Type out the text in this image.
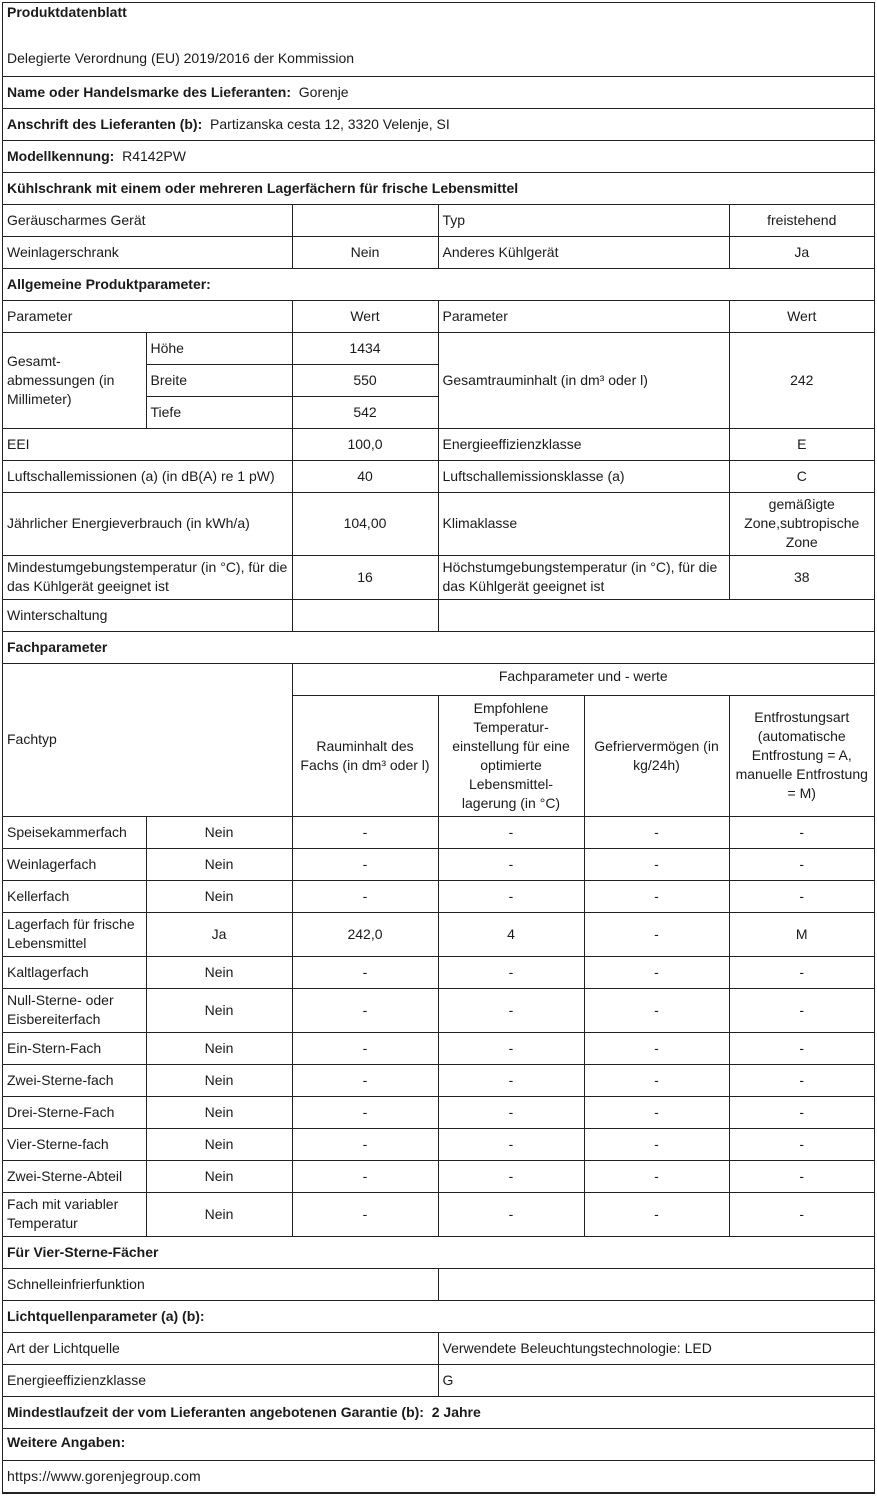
Produktdatenblatt					
Delegierte Verordnung (EU) 2019/2016 der Kommission					
Name oder Handelsmarke des Lieferanten: Gorenje					
Anschrift des Lieferanten (b): Partizanska cesta 12, 3320 Velenje, SI					
Modellkennung: R4142PW					
Kühlschrank mit einem oder mehreren Lagerfächern für frische Lebensmittel					
Geräuscharmes Gerät			Typ		freistehend
Weinlagerschrank		Nein	Anderes Kühlgerät		Ja
Allgemeine Produktparameter:					
Parameter		Wert	Parameter		Wert
Gesamt-abmessungen (in Millimeter)	Höhe	1434	Gesamtrauminhalt (in dm³ oder l)		242
	Breite	550			
	Tiefe	542			
EEI		100,0	Energieeffizienzklasse		E
Luftschallemissionen (a) (in dB(A) re 1 pW)		40	Luftschallemissionsklasse (a)		C
Jährlicher Energieverbrauch (in kWh/a)		104,00	Klimaklasse		gemäßigte Zone,subtropische Zone
Mindestumgebungstemperatur (in °C), für die das Kühlgerät geeignet ist		16	Höchstumgebungstemperatur (in °C), für die das Kühlgerät geeignet ist		38
Winterschaltung					
Fachparameter					
Fachtyp		Fachparameter und - werte			
		Rauminhalt des Fachs (in dm³ oder l)	Empfohlene Temperatur-einstellung für eine optimierte Lebensmittel-lagerung (in °C)	Gefriervermögen (in kg/24h)	Entfrostungsart (automatische Entfrostung = A, manuelle Entfrostung = M)
Speisekammerfach	Nein	-	-	-	-
Weinlagerfach	Nein	-	-	-	-
Kellerfach	Nein	-	-	-	-
Lagerfach für frische Lebensmittel	Ja	242,0	4	-	M
Kaltlagerfach	Nein	-	-	-	-
Null-Sterne- oder Eisbereiterfach	Nein	-	-	-	-
Ein-Stern-Fach	Nein	-	-	-	-
Zwei-Sterne-fach	Nein	-	-	-	-
Drei-Sterne-Fach	Nein	-	-	-	-
Vier-Sterne-fach	Nein	-	-	-	-
Zwei-Sterne-Abteil	Nein	-	-	-	-
Fach mit variabler Temperatur	Nein	-	-	-	-
Für Vier-Sterne-Fächer					
Schnelleinfrierfunktion					
Lichtquellenparameter (a) (b):					
Art der Lichtquelle			Verwendete Beleuchtungstechnologie: LED		
Energieeffizienzklasse			G		
Mindestlaufzeit der vom Lieferanten angebotenen Garantie (b): 2 Jahre					
Weitere Angaben:					
https://www.gorenjegroup.com					
